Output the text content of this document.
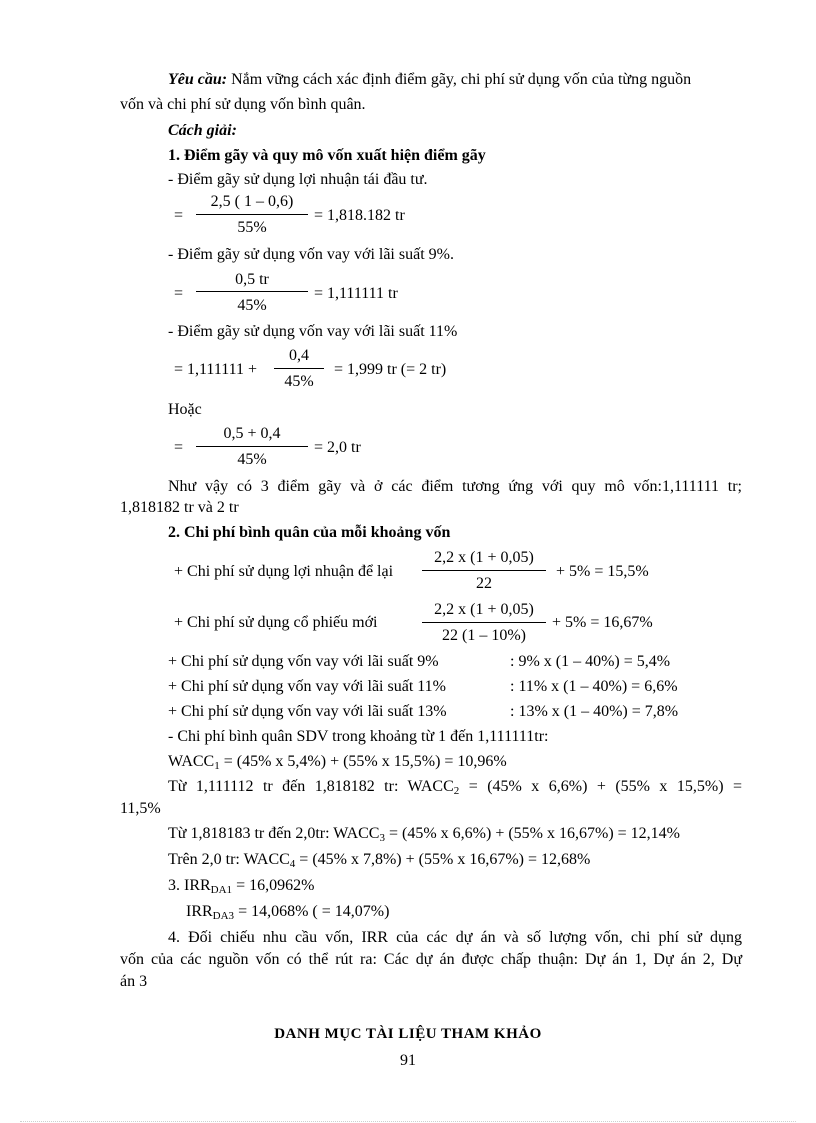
Yêu cầu: Nắm vững cách xác định điểm gãy, chi phí sử dụng vốn của từng nguồn
vốn và chi phí sử dụng vốn bình quân.
Cách giải:
1. Điểm gãy và quy mô vốn xuất hiện điểm gãy
- Điểm gãy sử dụng lợi nhuận tái đầu tư.
=
2,5 ( 1 – 0,6)
55%
= 1,818.182 tr
- Điểm gãy sử dụng vốn vay với lãi suất 9%.
=
0,5 tr
45%
= 1,111111 tr
- Điểm gãy sử dụng vốn vay với lãi suất 11%
= 1,111111 +
0,4
45%
= 1,999 tr (= 2 tr)
Hoặc
=
0,5 + 0,4
45%
= 2,0 tr
Như vậy có 3 điểm gãy và ở các điểm tương ứng với quy mô vốn:1,111111 tr;
1,818182 tr và 2 tr
2. Chi phí bình quân của mỗi khoảng vốn
+ Chi phí sử dụng lợi nhuận để lại
2,2 x (1 + 0,05)
22
+ 5% = 15,5%
+ Chi phí sử dụng cổ phiếu mới
2,2 x (1 + 0,05)
22 (1 – 10%)
+ 5% = 16,67%
+ Chi phí sử dụng vốn vay với lãi suất 9%	: 9% x (1 – 40%) = 5,4%
+ Chi phí sử dụng vốn vay với lãi suất 11%	: 11% x (1 – 40%) = 6,6%
+ Chi phí sử dụng vốn vay với lãi suất 13%	: 13% x (1 – 40%) = 7,8%
- Chi phí bình quân SDV trong khoảng từ 1 đến 1,111111tr:
$WACC_1 = (45\%$ x 5,4%) + (55% x 15,5%) = 10,96%
Từ 1,111112 tr đến 1,818182 tr: $WACC_2 = (45\%$ x 6,6%) + (55% x 15,5%) =
11,5%
Từ 1,818183 tr đến 2,0tr: $WACC_3 = (45\%$ x 6,6%) + (55% x 16,67%) = 12,14%
Trên 2,0 tr: $WACC_4 = (45\%$ x 7,8%) + (55% x 16,67%) = 12,68%
3. $IRR_{DA1} = 16,0962\%$
$IRR_{DA3} = 14,068\%$ ( = 14,07%)
4. Đối chiếu nhu cầu vốn, IRR của các dự án và số lượng vốn, chi phí sử dụng
vốn của các nguồn vốn có thể rút ra: Các dự án được chấp thuận: Dự án 1, Dự án 2, Dự
án 3
DANH MỤC TÀI LIỆU THAM KHẢO
91
